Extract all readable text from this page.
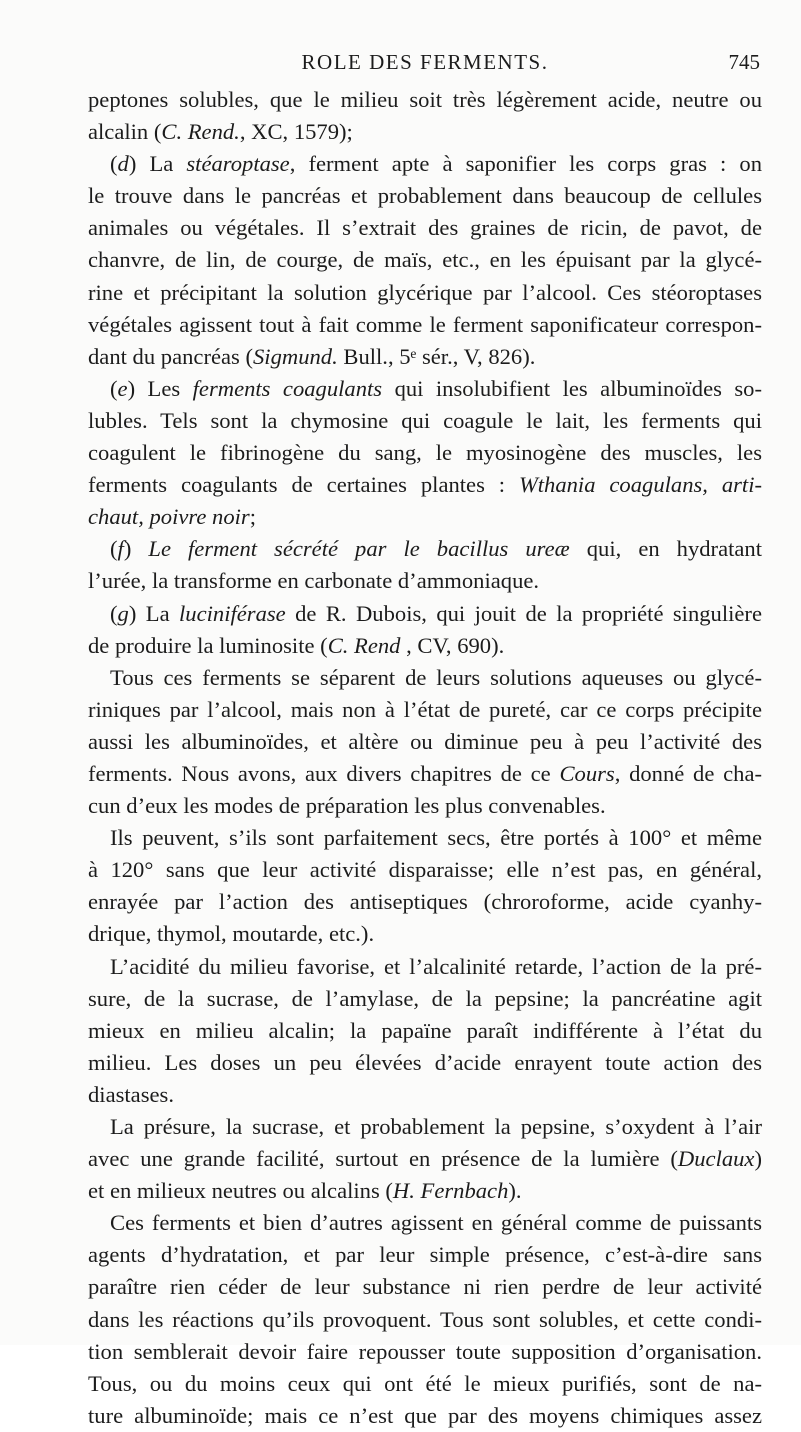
ROLE DES FERMENTS.	745
peptones solubles, que le milieu soit très légèrement acide, neutre ou
alcalin (C. Rend., XC, 1579);
(d) La stéaroptase, ferment apte à saponifier les corps gras : on
le trouve dans le pancréas et probablement dans beaucoup de cellules
animales ou végétales. Il s’extrait des graines de ricin, de pavot, de
chanvre, de lin, de courge, de maïs, etc., en les épuisant par la glycé-
rine et précipitant la solution glycérique par l’alcool. Ces stéoroptases
végétales agissent tout à fait comme le ferment saponificateur correspon-
dant du pancréas (Sigmund. Bull., 5ᵉ sér., V, 826).
(e) Les ferments coagulants qui insolubifient les albuminoïdes so-
lubles. Tels sont la chymosine qui coagule le lait, les ferments qui
coagulent le fibrinogène du sang, le myosinogène des muscles, les
ferments coagulants de certaines plantes : Wthania coagulans, arti-
chaut, poivre noir;
(f) Le ferment sécrété par le bacillus ureæ qui, en hydratant
l’urée, la transforme en carbonate d’ammoniaque.
(g) La luciniférase de R. Dubois, qui jouit de la propriété singulière
de produire la luminosite (C. Rend , CV, 690).
Tous ces ferments se séparent de leurs solutions aqueuses ou glycé-
riniques par l’alcool, mais non à l’état de pureté, car ce corps précipite
aussi les albuminoïdes, et altère ou diminue peu à peu l’activité des
ferments. Nous avons, aux divers chapitres de ce Cours, donné de cha-
cun d’eux les modes de préparation les plus convenables.
Ils peuvent, s’ils sont parfaitement secs, être portés à 100° et même
à 120° sans que leur activité disparaisse; elle n’est pas, en général,
enrayée par l’action des antiseptiques (chroroforme, acide cyanhy-
drique, thymol, moutarde, etc.).
L’acidité du milieu favorise, et l’alcalinité retarde, l’action de la pré-
sure, de la sucrase, de l’amylase, de la pepsine; la pancréatine agit
mieux en milieu alcalin; la papaïne paraît indifférente à l’état du
milieu. Les doses un peu élevées d’acide enrayent toute action des
diastases.
La présure, la sucrase, et probablement la pepsine, s’oxydent à l’air
avec une grande facilité, surtout en présence de la lumière (Duclaux)
et en milieux neutres ou alcalins (H. Fernbach).
Ces ferments et bien d’autres agissent en général comme de puissants
agents d’hydratation, et par leur simple présence, c’est-à-dire sans
paraître rien céder de leur substance ni rien perdre de leur activité
dans les réactions qu’ils provoquent. Tous sont solubles, et cette condi-
tion semblerait devoir faire repousser toute supposition d’organisation.
Tous, ou du moins ceux qui ont été le mieux purifiés, sont de na-
ture albuminoïde; mais ce n’est que par des moyens chimiques assez
